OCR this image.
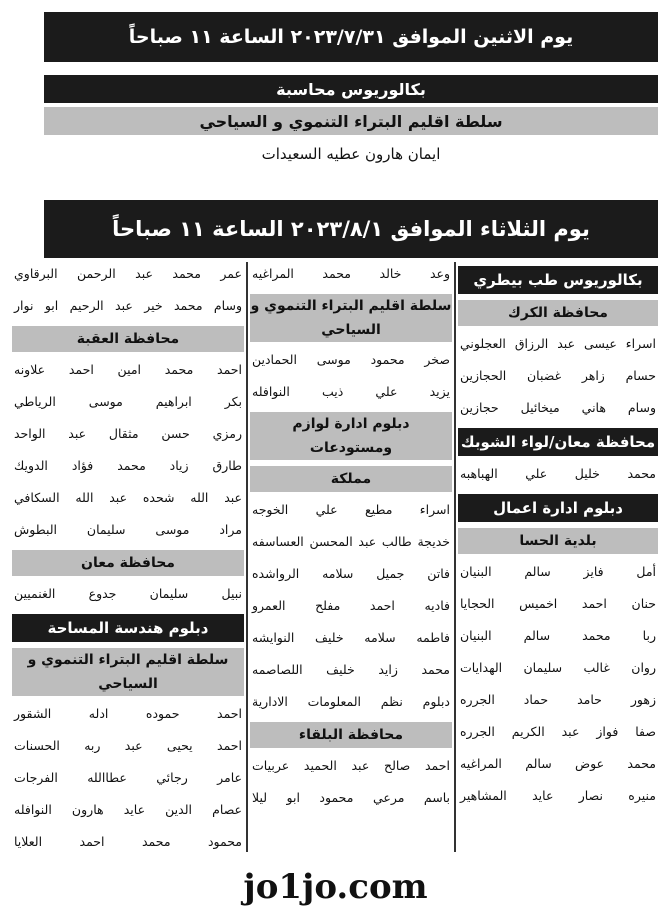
يوم الاثنين الموافق ٢٠٢٣/٧/٣١ الساعة ١١ صباحاً
بكالوريوس محاسبة
سلطة اقليم البتراء التنموي و السياحي
ايمان هارون عطيه السعيدات
يوم الثلاثاء الموافق ٢٠٢٣/٨/١ الساعة ١١ صباحاً
بكالوريوس طب بيطري
محافظة الكرك
اسراء عيسى عبد الرزاق العجلوني
حسام زاهر غضبان الحجازين
وسام هاني ميخائيل حجازين
محافظة معان/لواء الشوبك
محمد خليل علي الهباهبه
دبلوم ادارة اعمال
بلدية الحسا
أمل فايز سالم البنيان
حنان احمد اخميس الحجايا
ربا محمد سالم البنيان
روان غالب سليمان الهدايات
زهور حامد حماد الجرره
صفا فواز عبد الكريم الجرره
محمد عوض سالم المراغيه
منيره نصار عايد المشاهير
وعد خالد محمد المراغيه
سلطة اقليم البتراء التنموي و السياحي
صخر محمود موسى الحمادين
يزيد علي ذيب النوافله
دبلوم ادارة لوازم ومستودعات
مملكة
اسراء مطيع علي الخوجه
خديجة طالب عبد المحسن العساسفه
فاتن جميل سلامه الرواشده
فاديه احمد مفلح العمرو
فاطمه سلامه خليف النوايشه
محمد زايد خليف اللصاصمه
دبلوم نظم المعلومات الادارية
محافظة البلقاء
احمد صالح عبد الحميد عربيات
باسم مرعي محمود ابو ليلا
عمر محمد عبد الرحمن البرقاوي
وسام محمد خير عبد الرحيم ابو نوار
محافظة العقبة
احمد محمد امين احمد علاونه
بكر ابراهيم موسى الرياطي
رمزي حسن مثقال عبد الواحد
طارق زياد محمد فؤاد الدويك
عبد الله شحده عبد الله السكافي
مراد موسى سليمان البطوش
محافظة معان
نبيل سليمان جدوع الغنميين
دبلوم هندسة المساحة
سلطة اقليم البتراء التنموي و السياحي
احمد حموده ادله الشقور
احمد يحيى عبد ربه الحسنات
عامر رجائي عطاالله الفرجات
عصام الدين عايد هارون النوافله
محمود محمد احمد العلايا
jo1jo.com
